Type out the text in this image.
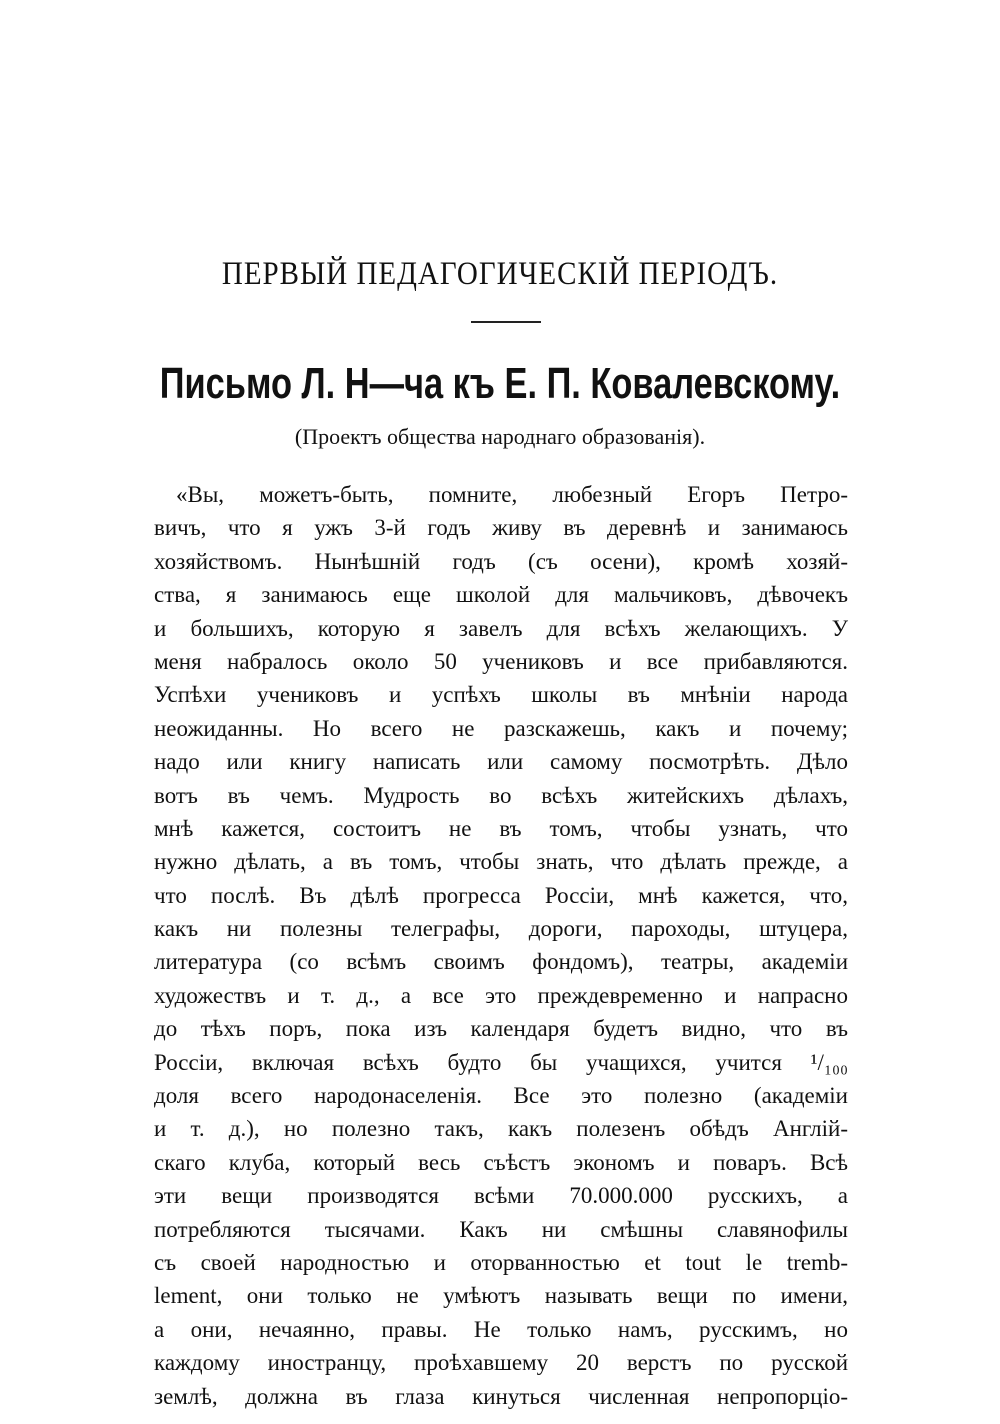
ПЕРВЫЙ ПЕДАГОГИЧЕСКІЙ ПЕРІОДЪ.
Письмо Л. Н—ча къ Е. П. Ковалевскому.
(Проектъ общества народнаго образованія).
«Вы, можетъ-быть, помните, любезный Егоръ Петро-
вичъ, что я ужъ 3-й годъ живу въ деревнѣ и занимаюсь
хозяйствомъ. Нынѣшній годъ (съ осени), кромѣ хозяй-
ства, я занимаюсь еще школой для мальчиковъ, дѣвочекъ
и большихъ, которую я завелъ для всѣхъ желающихъ. У
меня набралось около 50 учениковъ и все прибавляются.
Успѣхи учениковъ и успѣхъ школы въ мнѣніи народа
неожиданны. Но всего не разскажешь, какъ и почему;
надо или книгу написать или самому посмотрѣть. Дѣло
вотъ въ чемъ. Мудрость во всѣхъ житейскихъ дѣлахъ,
мнѣ кажется, состоитъ не въ томъ, чтобы узнать, что
нужно дѣлать, а въ томъ, чтобы знать, что дѣлать прежде, а
что послѣ. Въ дѣлѣ прогресса Россіи, мнѣ кажется, что,
какъ ни полезны телеграфы, дороги, пароходы, штуцера,
литература (со всѣмъ своимъ фондомъ), театры, академіи
художествъ и т. д., а все это преждевременно и напрасно
до тѣхъ поръ, пока изъ календаря будетъ видно, что въ
Россіи, включая всѣхъ будто бы учащихся, учится ¹/₁₀₀
доля всего народонаселенія. Все это полезно (академіи
и т. д.), но полезно такъ, какъ полезенъ обѣдъ Англій-
скаго клуба, который весь съѣстъ экономъ и поваръ. Всѣ
эти вещи производятся всѣми 70.000.000 русскихъ, а
потребляются тысячами. Какъ ни смѣшны славянофилы
съ своей народностью и оторванностью et tout le tremb-
lement, они только не умѣютъ называть вещи по имени,
а они, нечаянно, правы. Не только намъ, русскимъ, но
каждому иностранцу, проѣхавшему 20 верстъ по русской
землѣ, должна въ глаза кинуться численная непропорціо-
